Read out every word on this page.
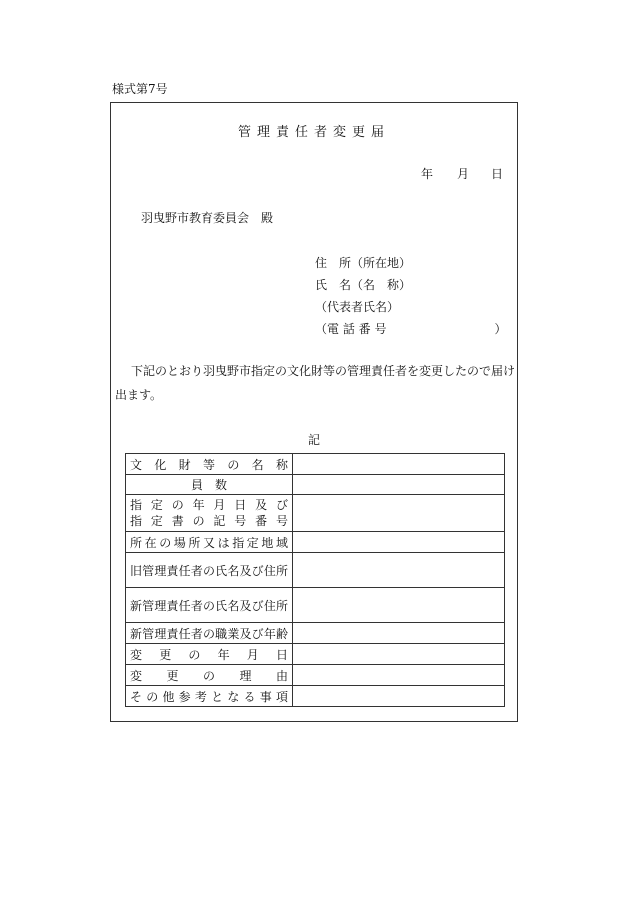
様式第7号
管理責任者変更届
年 月 日
羽曳野市教育委員会　殿
住　所（所在地）
氏　名（名　称）
（代表者氏名）
（電 話 番 号　　　　　　　　　）
下記のとおり羽曳野市指定の文化財等の管理責任者を変更したので届け出ます。
記
文化財等の名称	
員　数	

指定の年月日及び
指定書の記号番号	

所在の場所又は指定地域	
旧管理責任者の氏名及び住所	
新管理責任者の氏名及び住所	
新管理責任者の職業及び年齢	
変更の年月日	
変更の理由	
その他参考となる事項	
